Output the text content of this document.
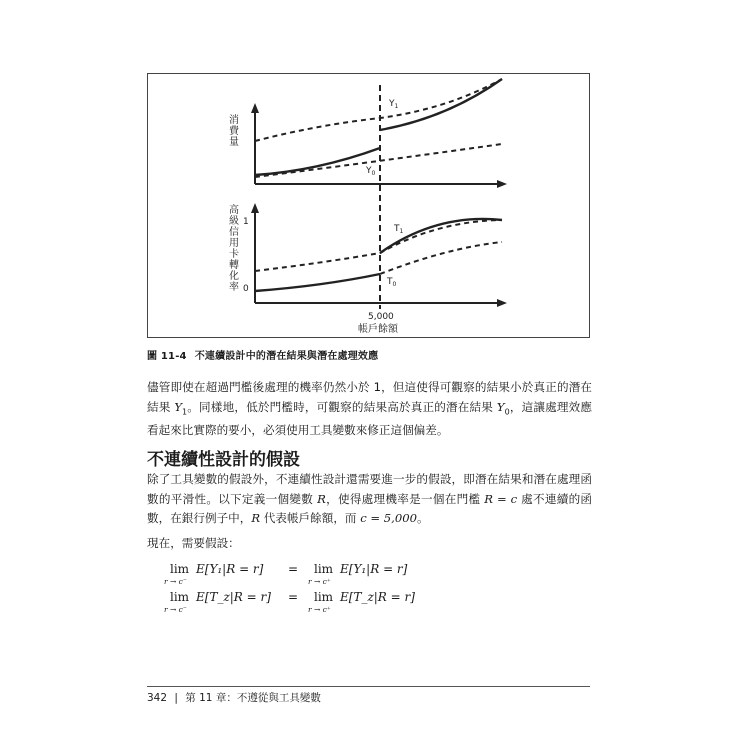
$Y_1$
$Y_0$
1
0
$T_1$
$T_0$
5,000
帳戶餘額
消
費
量
高
級
信
用
卡
轉
化
率
圖 11-4 不連續設計中的潛在結果與潛在處理效應
儘管即使在超過門檻後處理的機率仍然小於 1，但這使得可觀察的結果小於真正的潛在結果 $Y_1$。同樣地，低於門檻時，可觀察的結果高於真正的潛在結果 $Y_0$，這讓處理效應看起來比實際的要小，必須使用工具變數來修正這個偏差。
不連續性設計的假設
除了工具變數的假設外，不連續性設計還需要進一步的假設，即潛在結果和潛在處理函數的平滑性。以下定義一個變數 R，使得處理機率是一個在門檻 R = c 處不連續的函數，在銀行例子中，R 代表帳戶餘額，而 c = 5,000。
現在，需要假設：
lim
r → c⁻
E[Y₁|R = r] = lim
r → c⁺
E[Y₁|R = r]
lim
r → c⁻
E[T_z|R = r] = lim
r → c⁺
E[T_z|R = r]
342 | 第 11 章：不遵從與工具變數
